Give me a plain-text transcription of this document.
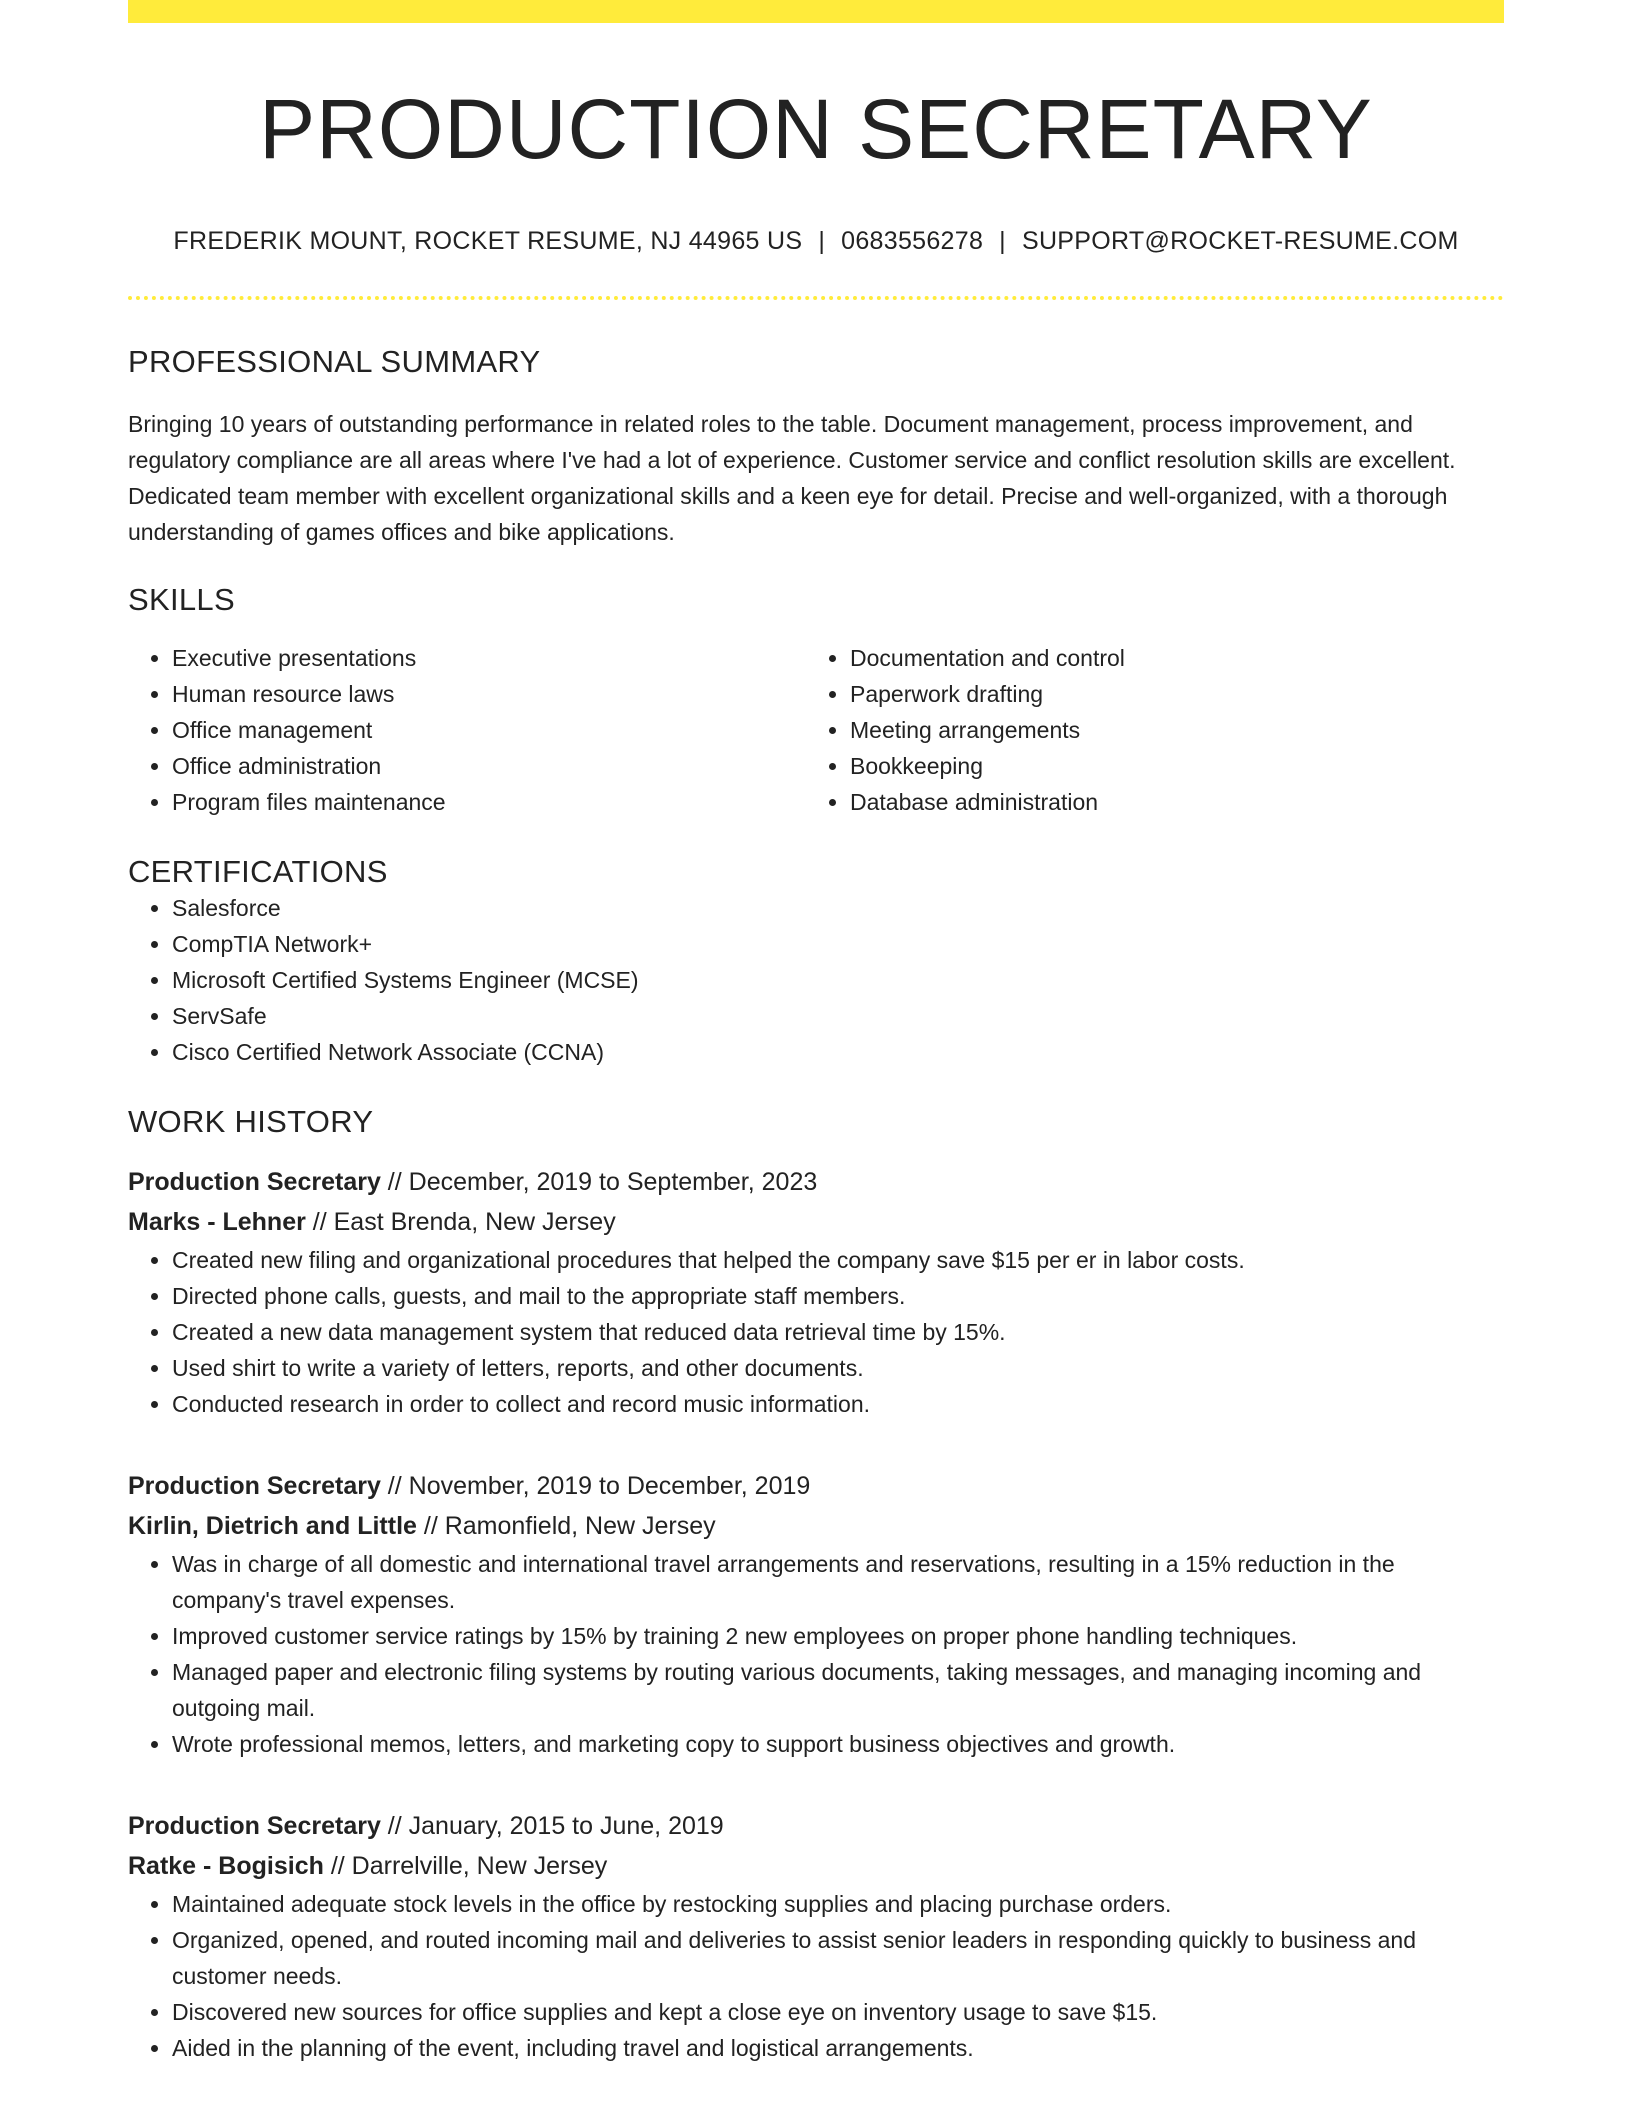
PRODUCTION SECRETARY
FREDERIK MOUNT, ROCKET RESUME, NJ 44965 US | 0683556278 | SUPPORT@ROCKET-RESUME.COM
PROFESSIONAL SUMMARY
Bringing 10 years of outstanding performance in related roles to the table. Document management, process improvement, and regulatory compliance are all areas where I've had a lot of experience. Customer service and conflict resolution skills are excellent. Dedicated team member with excellent organizational skills and a keen eye for detail. Precise and well-organized, with a thorough understanding of games offices and bike applications.
SKILLS
• Executive presentations
• Human resource laws
• Office management
• Office administration
• Program files maintenance
• Documentation and control
• Paperwork drafting
• Meeting arrangements
• Bookkeeping
• Database administration
CERTIFICATIONS
• Salesforce
• CompTIA Network+
• Microsoft Certified Systems Engineer (MCSE)
• ServSafe
• Cisco Certified Network Associate (CCNA)
WORK HISTORY
Production Secretary // December, 2019 to September, 2023
Marks - Lehner // East Brenda, New Jersey
• Created new filing and organizational procedures that helped the company save $15 per er in labor costs.
• Directed phone calls, guests, and mail to the appropriate staff members.
• Created a new data management system that reduced data retrieval time by 15%.
• Used shirt to write a variety of letters, reports, and other documents.
• Conducted research in order to collect and record music information.
Production Secretary // November, 2019 to December, 2019
Kirlin, Dietrich and Little // Ramonfield, New Jersey
• Was in charge of all domestic and international travel arrangements and reservations, resulting in a 15% reduction in the company's travel expenses.
• Improved customer service ratings by 15% by training 2 new employees on proper phone handling techniques.
• Managed paper and electronic filing systems by routing various documents, taking messages, and managing incoming and outgoing mail.
• Wrote professional memos, letters, and marketing copy to support business objectives and growth.
Production Secretary // January, 2015 to June, 2019
Ratke - Bogisich // Darrelville, New Jersey
• Maintained adequate stock levels in the office by restocking supplies and placing purchase orders.
• Organized, opened, and routed incoming mail and deliveries to assist senior leaders in responding quickly to business and customer needs.
• Discovered new sources for office supplies and kept a close eye on inventory usage to save $15.
• Aided in the planning of the event, including travel and logistical arrangements.
